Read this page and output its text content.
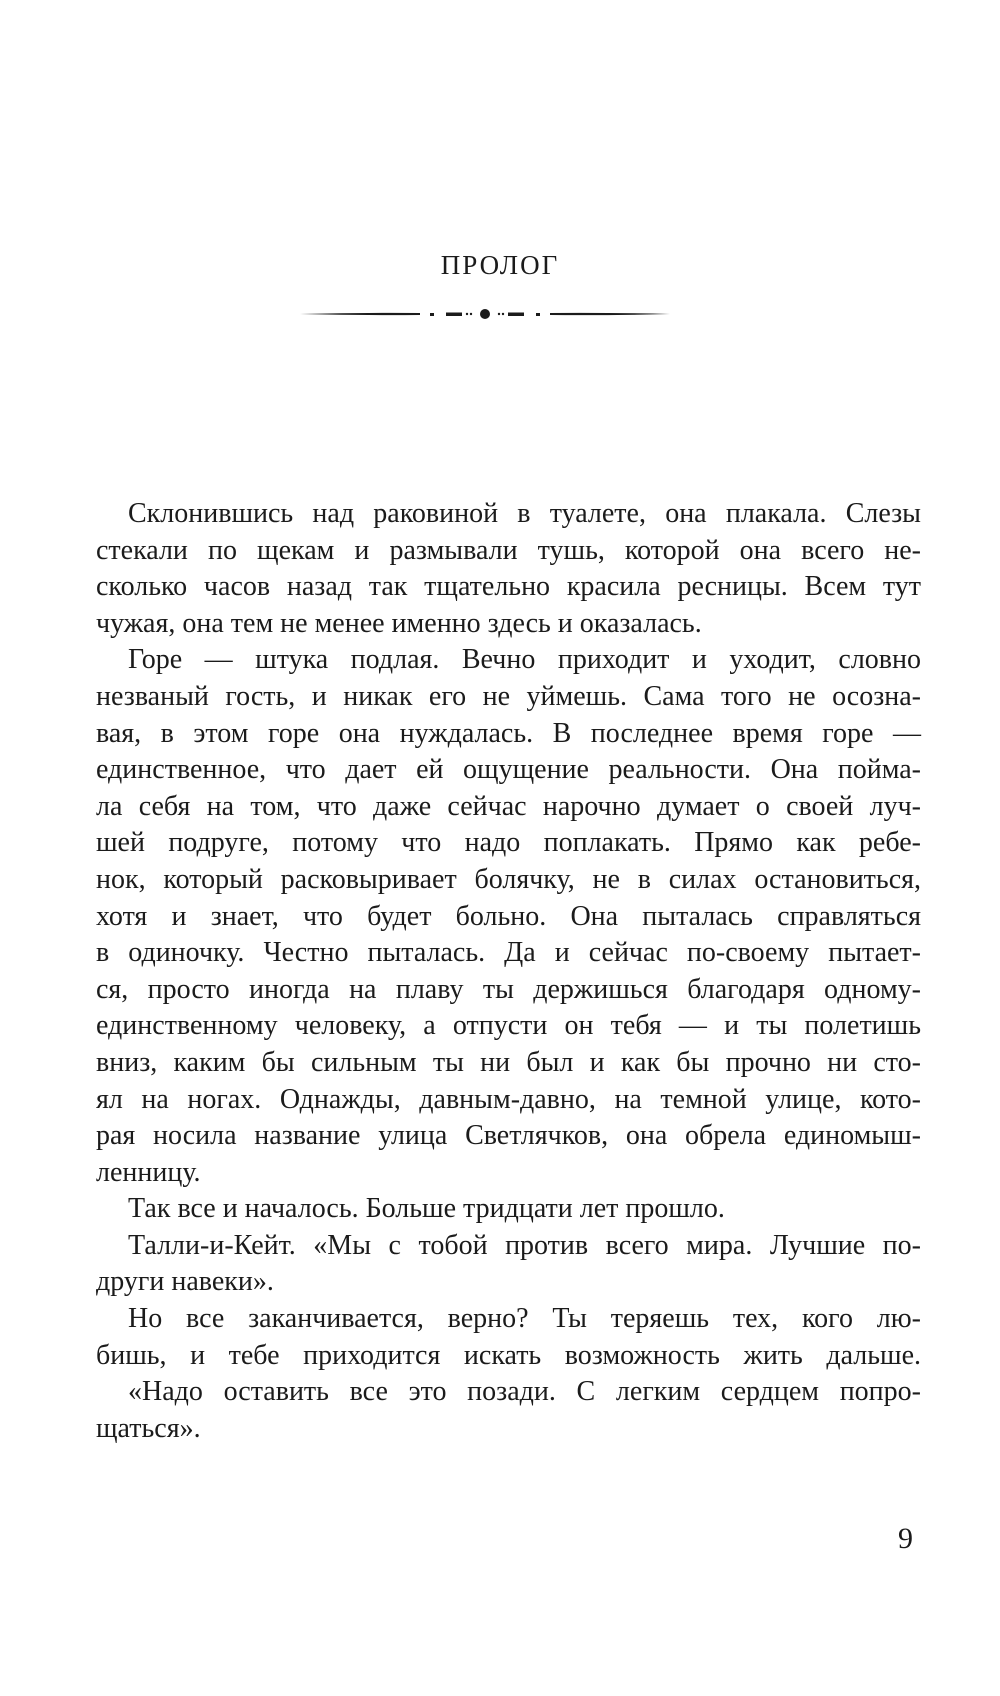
ПРОЛОГ
Склонившись над раковиной в туалете, она плакала. Слезы
стекали по щекам и размывали тушь, которой она всего не-
сколько часов назад так тщательно красила ресницы. Всем тут
чужая, она тем не менее именно здесь и оказалась.
Горе — штука подлая. Вечно приходит и уходит, словно
незваный гость, и никак его не уймешь. Сама того не осозна-
вая, в этом горе она нуждалась. В последнее время горе —
единственное, что дает ей ощущение реальности. Она пойма-
ла себя на том, что даже сейчас нарочно думает о своей луч-
шей подруге, потому что надо поплакать. Прямо как ребе-
нок, который расковыривает болячку, не в силах остановиться,
хотя и знает, что будет больно. Она пыталась справляться
в одиночку. Честно пыталась. Да и сейчас по-своему пытает-
ся, просто иногда на плаву ты держишься благодаря одному-
единственному человеку, а отпусти он тебя — и ты полетишь
вниз, каким бы сильным ты ни был и как бы прочно ни сто-
ял на ногах. Однажды, давным-давно, на темной улице, кото-
рая носила название улица Светлячков, она обрела единомыш-
ленницу.
Так все и началось. Больше тридцати лет прошло.
Талли-и-Кейт. «Мы с тобой против всего мира. Лучшие по-
други навеки».
Но все заканчивается, верно? Ты теряешь тех, кого лю-
бишь, и тебе приходится искать возможность жить дальше.
«Надо оставить все это позади. С легким сердцем попро-
щаться».
9
